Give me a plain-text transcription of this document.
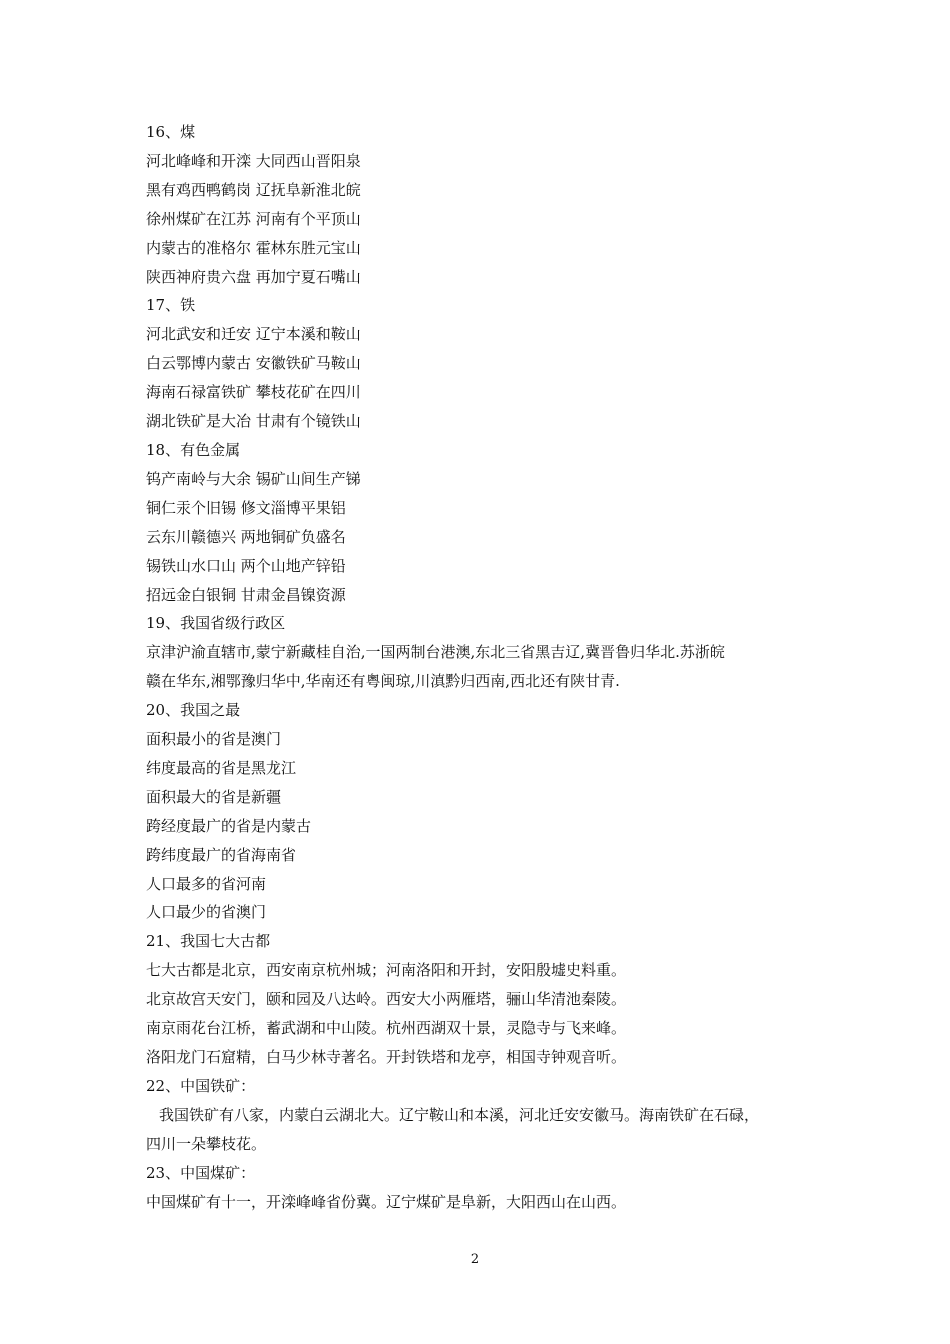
16、煤
河北峰峰和开滦 大同西山晋阳泉
黑有鸡西鸭鹤岗 辽抚阜新淮北皖
徐州煤矿在江苏 河南有个平顶山
内蒙古的准格尔 霍林东胜元宝山
陕西神府贵六盘 再加宁夏石嘴山
17、铁
河北武安和迁安 辽宁本溪和鞍山
白云鄂博内蒙古 安徽铁矿马鞍山
海南石禄富铁矿 攀枝花矿在四川
湖北铁矿是大冶 甘肃有个镜铁山
18、有色金属
钨产南岭与大余 锡矿山间生产锑
铜仁汞个旧锡 修文淄博平果铝
云东川赣德兴 两地铜矿负盛名
锡铁山水口山 两个山地产锌铅
招远金白银铜 甘肃金昌镍资源
19、我国省级行政区
京津沪渝直辖市,蒙宁新藏桂自治,一国两制台港澳,东北三省黑吉辽,冀晋鲁归华北.苏浙皖
赣在华东,湘鄂豫归华中,华南还有粤闽琼,川滇黔归西南,西北还有陕甘青.
20、我国之最
面积最小的省是澳门
纬度最高的省是黑龙江
面积最大的省是新疆
跨经度最广的省是内蒙古
跨纬度最广的省海南省
人口最多的省河南
人口最少的省澳门
21、我国七大古都
七大古都是北京，西安南京杭州城；河南洛阳和开封，安阳殷墟史料重。
北京故宫天安门，颐和园及八达岭。西安大小两雁塔，骊山华清池秦陵。
南京雨花台江桥，蓄武湖和中山陵。杭州西湖双十景，灵隐寺与飞来峰。
洛阳龙门石窟精，白马少林寺著名。开封铁塔和龙亭，相国寺钟观音听。
22、中国铁矿：
我国铁矿有八家，内蒙白云湖北大。辽宁鞍山和本溪，河北迁安安徽马。海南铁矿在石碌，
四川一朵攀枝花。
23、中国煤矿：
中国煤矿有十一，开滦峰峰省份冀。辽宁煤矿是阜新，大阳西山在山西。
2
